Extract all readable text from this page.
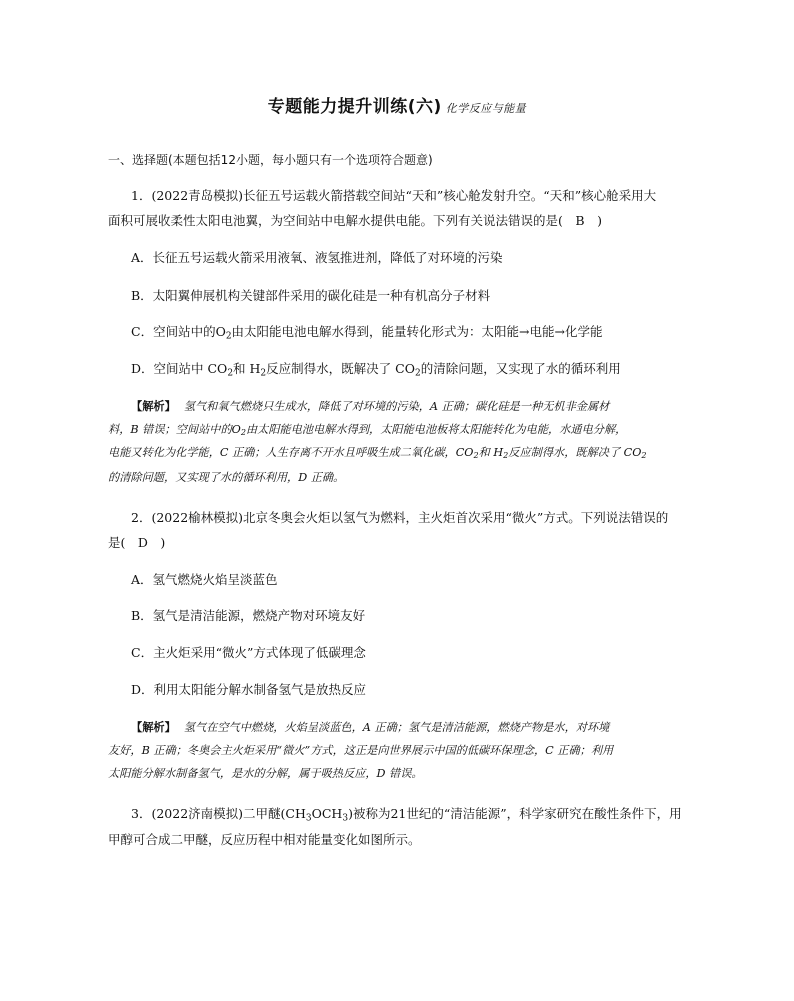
专题能力提升训练(六) 化学反应与能量
一、选择题(本题包括12小题，每小题只有一个选项符合题意)
1．(2022青岛模拟)长征五号运载火箭搭载空间站“天和”核心舱发射升空。“天和”核心舱采用大
面积可展收柔性太阳电池翼，为空间站中电解水提供电能。下列有关说法错误的是(　B　)
A．长征五号运载火箭采用液氧、液氢推进剂，降低了对环境的污染
B．太阳翼伸展机构关键部件采用的碳化硅是一种有机高分子材料
C．空间站中的$O_2$由太阳能电池电解水得到，能量转化形式为：太阳能→电能→化学能
D．空间站中 $CO_2$和 $H_2$反应制得水，既解决了 $CO_2$的清除问题，又实现了水的循环利用
【解析】 氢气和氧气燃烧只生成水，降低了对环境的污染，A 正确；碳化硅是一种无机非金属材
料，B 错误；空间站中的$O_2$由太阳能电池电解水得到，太阳能电池板将太阳能转化为电能，水通电分解，
电能又转化为化学能，C 正确；人生存离不开水且呼吸生成二氧化碳，$CO_2$和 $H_2$反应制得水，既解决了 $CO_2$
的清除问题，又实现了水的循环利用，D 正确。
2．(2022榆林模拟)北京冬奥会火炬以氢气为燃料，主火炬首次采用“微火”方式。下列说法错误的
是(　D　)
A．氢气燃烧火焰呈淡蓝色
B．氢气是清洁能源，燃烧产物对环境友好
C．主火炬采用“微火”方式体现了低碳理念
D．利用太阳能分解水制备氢气是放热反应
【解析】 氢气在空气中燃烧，火焰呈淡蓝色，A 正确；氢气是清洁能源，燃烧产物是水，对环境
友好，B 正确；冬奥会主火炬采用“微火”方式，这正是向世界展示中国的低碳环保理念，C 正确；利用
太阳能分解水制备氢气，是水的分解，属于吸热反应，D 错误。
3．(2022济南模拟)二甲醚$(CH_3OCH_3)$被称为21世纪的“清洁能源”，科学家研究在酸性条件下，用
甲醇可合成二甲醚，反应历程中相对能量变化如图所示。
